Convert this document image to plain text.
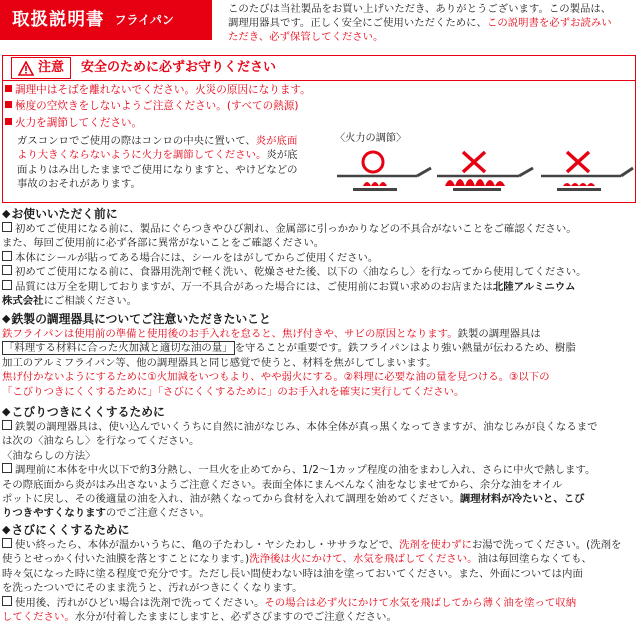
取扱説明書 フライパン
このたびは当社製品をお買い上げいただき、ありがとうございます。この製品は、
調理用器具です。正しく安全にご使用いただくために、この説明書を必ずお読みい
ただき、必ず保管してください。
注意 安全のために必ずお守りください
調理中はそばを離れないでください。火災の原因になります。
極度の空炊きをしないようご注意ください。(すべての熱源)
火力を調節してください。
ガスコンロでご使用の際はコンロの中央に置いて、炎が底面
より大きくならないように火力を調節してください。炎が底
面よりはみ出したままでご使用になりますと、やけどなどの
事故のおそれがあります。
〈火力の調節〉
◆ お使いいただく前に
初めてご使用になる前に、製品にぐらつきやひび割れ、金属部に引っかかりなどの不具合がないことをご確認ください。
また、毎回ご使用前に必ず各部に異常がないことをご確認ください。
本体にシールが貼ってある場合には、シールをはがしてからご使用ください。
初めてご使用になる前に、食器用洗剤で軽く洗い、乾燥させた後、以下の〈油ならし〉を行なってから使用してください。
品質には万全を期しておりますが、万一不具合があった場合には、ご使用前にお買い求めのお店または北陸アルミニウム
株式会社にご相談ください。
◆ 鉄製の調理器具についてご注意いただきたいこと
鉄フライパンは使用前の準備と使用後のお手入れを怠ると、焦げ付きや、サビの原因となります。鉄製の調理器具は
「料理する材料に合った火加減と適切な油の量」 を守ることが重要です。鉄フライパンはより強い熱量が伝わるため、樹脂
加工のアルミフライパン等、他の調理器具と同じ感覚で使うと、材料を焦がしてしまいます。
焦げ付かないようにするために①火加減をいつもより、やや弱火にする。②料理に必要な油の量を見つける。③以下の
「こびりつきにくくするために」「さびにくくするために」のお手入れを確実に実行してください。
◆ こびりつきにくくするために
鉄製の調理器具は、使い込んでいくうちに自然に油がなじみ、本体全体が真っ黒くなってきますが、油なじみが良くなるまで
は次の〈油ならし〉を行なってください。
〈油ならしの方法〉
調理前に本体を中火以下で約3分熱し、一旦火を止めてから、1/2〜1カップ程度の油をまわし入れ、さらに中火で熱します。
その際底面から炎がはみ出さないようご注意ください。表面全体にまんべんなく油をなじませてから、余分な油をオイル
ポットに戻し、その後適量の油を入れ、油が熱くなってから食材を入れて調理を始めてください。調理材料が冷たいと、こび
りつきやすくなりますのでご注意ください。
◆ さびにくくするために
使い終ったら、本体が温かいうちに、亀の子たわし・ヤシたわし・ササラなどで、洗剤を使わずにお湯で洗ってください。(洗剤を
使うとせっかく付いた油膜を落とすことになります。)洗浄後は火にかけて、水気を飛ばしてください。油は毎回塗らなくても、
時々気になった時に塗る程度で充分です。ただし長い間使わない時は油を塗っておいてください。また、外面については内面
を洗ったついでにそのまま洗うと、汚れがつきにくくなります。
使用後、汚れがひどい場合は洗剤で洗ってください。その場合は必ず火にかけて水気を飛ばしてから薄く油を塗って収納
してください。水分が付着したままにしますと、必ずさびますのでご注意ください。
